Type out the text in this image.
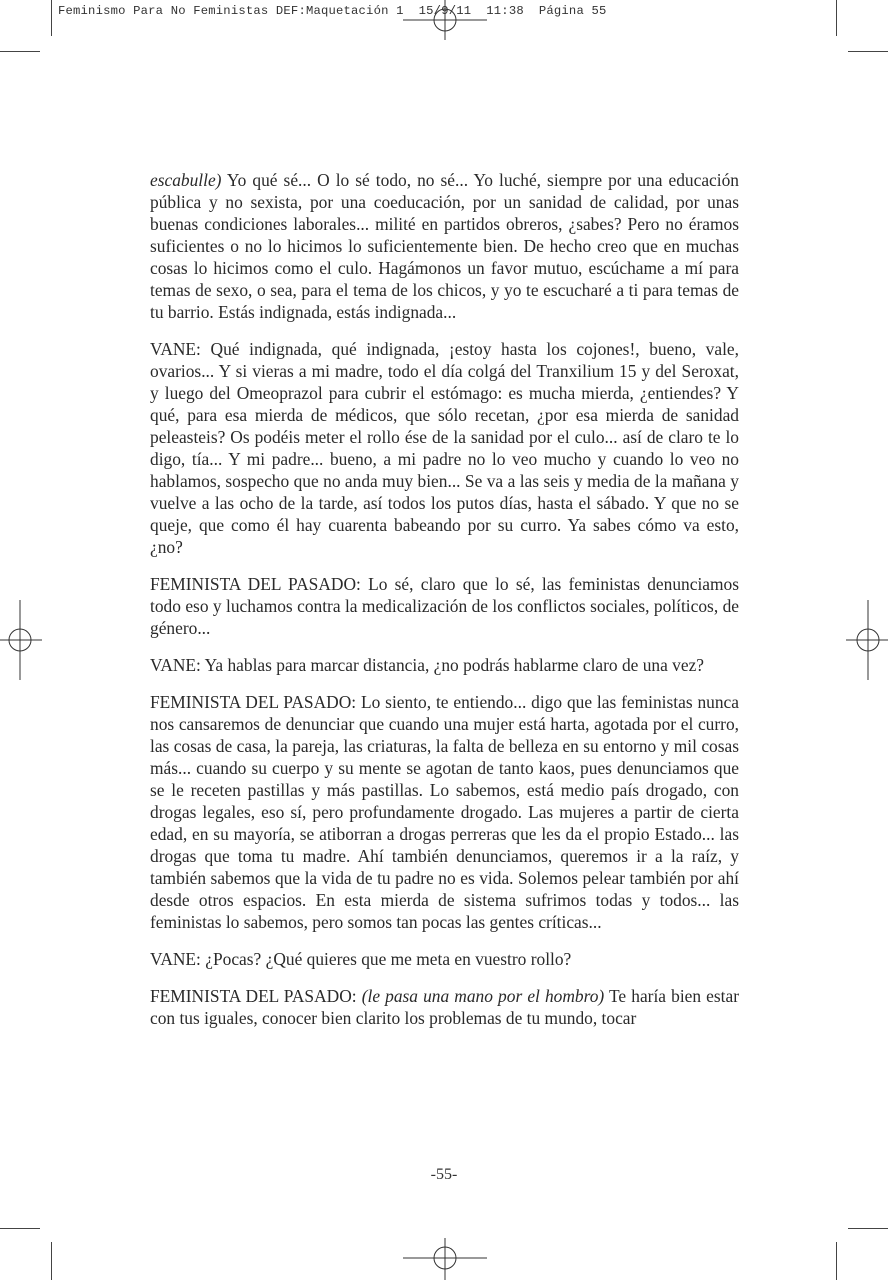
Feminismo Para No Feministas DEF:Maquetación 1  15/9/11  11:38  Página 55

escabulle) Yo qué sé... O lo sé todo, no sé... Yo luché, siempre por una educación pública y no sexista, por una coeducación, por un sanidad de calidad, por unas buenas condiciones laborales... milité en partidos obreros, ¿sabes? Pero no éramos suficientes o no lo hicimos lo suficientemente bien. De hecho creo que en muchas cosas lo hicimos como el culo. Hagámonos un favor mutuo, escúchame a mí para temas de sexo, o sea, para el tema de los chicos, y yo te escucharé a ti para temas de tu barrio. Estás indignada, estás indignada...

VANE: Qué indignada, qué indignada, ¡estoy hasta los cojones!, bueno, vale, ovarios... Y si vieras a mi madre, todo el día colgá del Tranxilium 15 y del Seroxat, y luego del Omeoprazol para cubrir el estómago: es mucha mierda, ¿entiendes? Y qué, para esa mierda de médicos, que sólo recetan, ¿por esa mierda de sanidad peleasteis? Os podéis meter el rollo ése de la sanidad por el culo... así de claro te lo digo, tía... Y mi padre... bueno, a mi padre no lo veo mucho y cuando lo veo no hablamos, sospecho que no anda muy bien... Se va a las seis y media de la mañana y vuelve a las ocho de la tarde, así todos los putos días, hasta el sábado. Y que no se queje, que como él hay cuarenta babeando por su curro. Ya sabes cómo va esto, ¿no?

FEMINISTA DEL PASADO: Lo sé, claro que lo sé, las feministas denunciamos todo eso y luchamos contra la medicalización de los conflictos sociales, políticos, de género...

VANE: Ya hablas para marcar distancia, ¿no podrás hablarme claro de una vez?

FEMINISTA DEL PASADO: Lo siento, te entiendo... digo que las feministas nunca nos cansaremos de denunciar que cuando una mujer está harta, agotada por el curro, las cosas de casa, la pareja, las criaturas, la falta de belleza en su entorno y mil cosas más... cuando su cuerpo y su mente se agotan de tanto kaos, pues denunciamos que se le receten pastillas y más pastillas. Lo sabemos, está medio país drogado, con drogas legales, eso sí, pero profundamente drogado. Las mujeres a partir de cierta edad, en su mayoría, se atiborran a drogas perreras que les da el propio Estado... las drogas que toma tu madre. Ahí también denunciamos, queremos ir a la raíz, y también sabemos que la vida de tu padre no es vida. Solemos pelear también por ahí desde otros espacios. En esta mierda de sistema sufrimos todas y todos... las feministas lo sabemos, pero somos tan pocas las gentes críticas...

VANE: ¿Pocas? ¿Qué quieres que me meta en vuestro rollo?

FEMINISTA DEL PASADO: (le pasa una mano por el hombro) Te haría bien estar con tus iguales, conocer bien clarito los problemas de tu mundo, tocar

-55-
